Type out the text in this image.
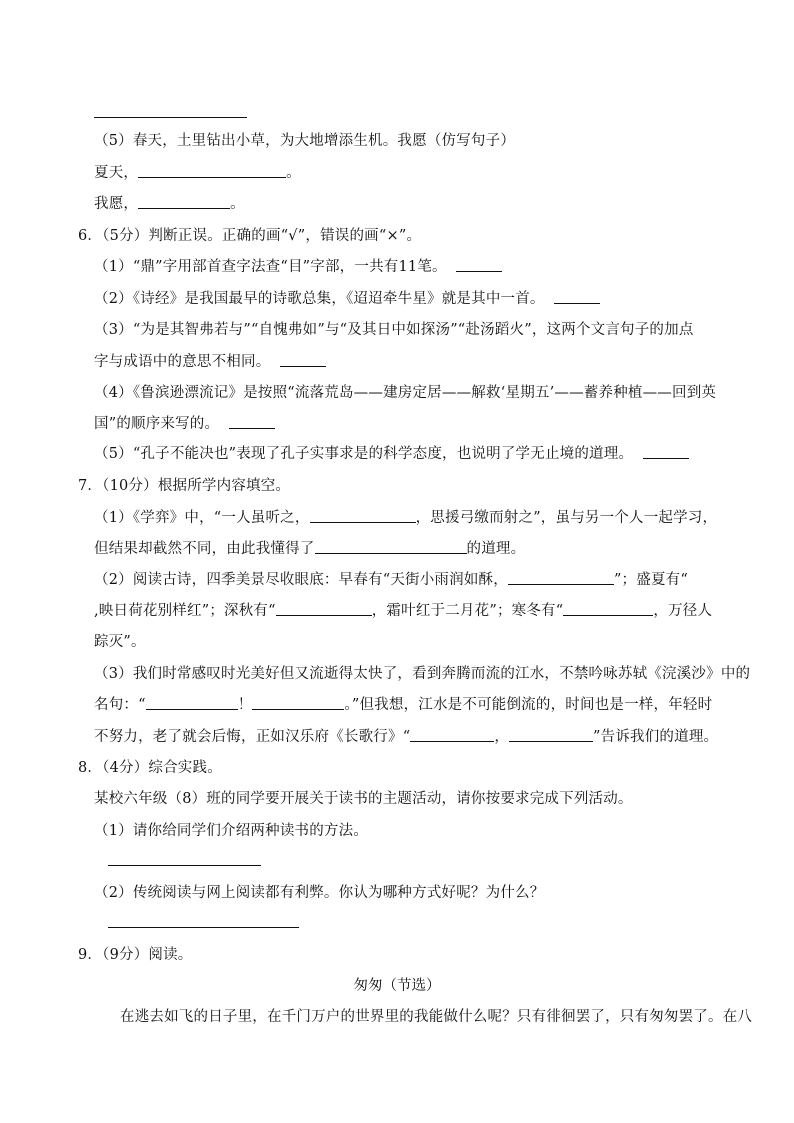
（5）春天，土里钻出小草，为大地增添生机。我愿（仿写句子）
夏天，	。
我愿，	。
6．（5分）判断正误。正确的画“√”，错误的画“×”。
（1）“鼎”字用部首查字法查“目”字部，一共有11笔。
（2）《诗经》是我国最早的诗歌总集，《迢迢牵牛星》就是其中一首。
（3）“为是其智弗若与”“自愧弗如”与“及其日中如探汤”“赴汤蹈火”，这两个文言句子的加点
字与成语中的意思不相同。
（4）《鲁滨逊漂流记》是按照“流落荒岛——建房定居——解救‘星期五’——蓄养种植——回到英
国”的顺序来写的。
（5）“孔子不能决也”表现了孔子实事求是的科学态度，也说明了学无止境的道理。
7．（10分）根据所学内容填空。
（1）《学弈》中，“一人虽听之，	，思援弓缴而射之”，虽与另一个人一起学习，
但结果却截然不同，由此我懂得了	的道理。
（2）阅读古诗，四季美景尽收眼底：早春有“天街小雨润如酥，	”；盛夏有“
,映日荷花别样红”；深秋有“	，霜叶红于二月花”；寒冬有“	，万径人
踪灭”。
（3）我们时常感叹时光美好但又流逝得太快了，看到奔腾而流的江水，不禁吟咏苏轼《浣溪沙》中的
名句：“	！	。”但我想，江水是不可能倒流的，时间也是一样，年轻时
不努力，老了就会后悔，正如汉乐府《长歌行》“	，	”告诉我们的道理。
8．（4分）综合实践。
某校六年级（8）班的同学要开展关于读书的主题活动，请你按要求完成下列活动。
（1）请你给同学们介绍两种读书的方法。
（2）传统阅读与网上阅读都有利弊。你认为哪种方式好呢？为什么？
9．（9分）阅读。
匆匆（节选）
在逃去如飞的日子里，在千门万户的世界里的我能做什么呢？只有徘徊罢了，只有匆匆罢了。在八
